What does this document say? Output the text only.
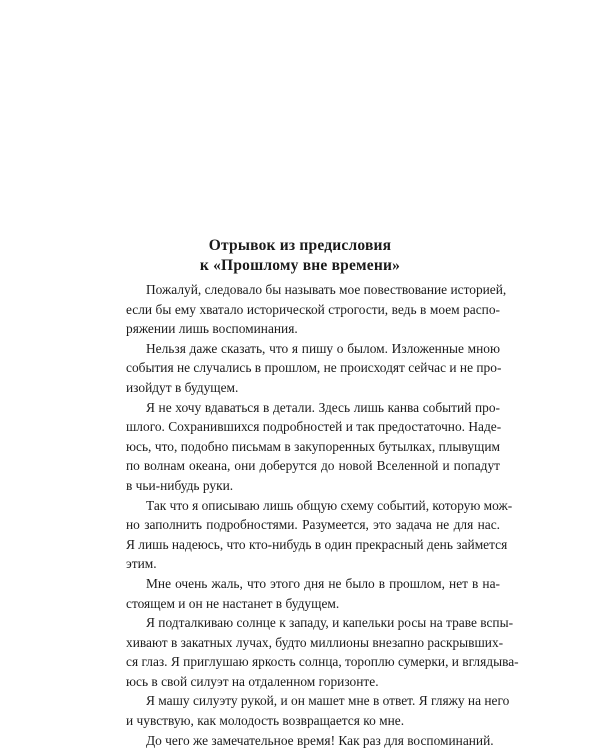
Отрывок из предисловия
к «Прошлому вне времени»

Пожалуй, следовало бы называть мое повествование историей,
если бы ему хватало исторической строгости, ведь в моем распо-
ряжении лишь воспоминания.

Нельзя даже сказать, что я пишу о былом. Изложенные мною
события не случались в прошлом, не происходят сейчас и не про-
изойдут в будущем.

Я не хочу вдаваться в детали. Здесь лишь канва событий про-
шлого. Сохранившихся подробностей и так предостаточно. Наде-
юсь, что, подобно письмам в закупоренных бутылках, плывущим
по волнам океана, они доберутся до новой Вселенной и попадут
в чьи-нибудь руки.

Так что я описываю лишь общую схему событий, которую мож-
но заполнить подробностями. Разумеется, это задача не для нас.
Я лишь надеюсь, что кто-нибудь в один прекрасный день займется
этим.

Мне очень жаль, что этого дня не было в прошлом, нет в на-
стоящем и он не настанет в будущем.

Я подталкиваю солнце к западу, и капельки росы на траве вспы-
хивают в закатных лучах, будто миллионы внезапно раскрывших-
ся глаз. Я приглушаю яркость солнца, тороплю сумерки, и вглядыва-
юсь в свой силуэт на отдаленном горизонте.

Я машу силуэту рукой, и он машет мне в ответ. Я гляжу на него
и чувствую, как молодость возвращается ко мне.

До чего же замечательное время! Как раз для воспоминаний.
